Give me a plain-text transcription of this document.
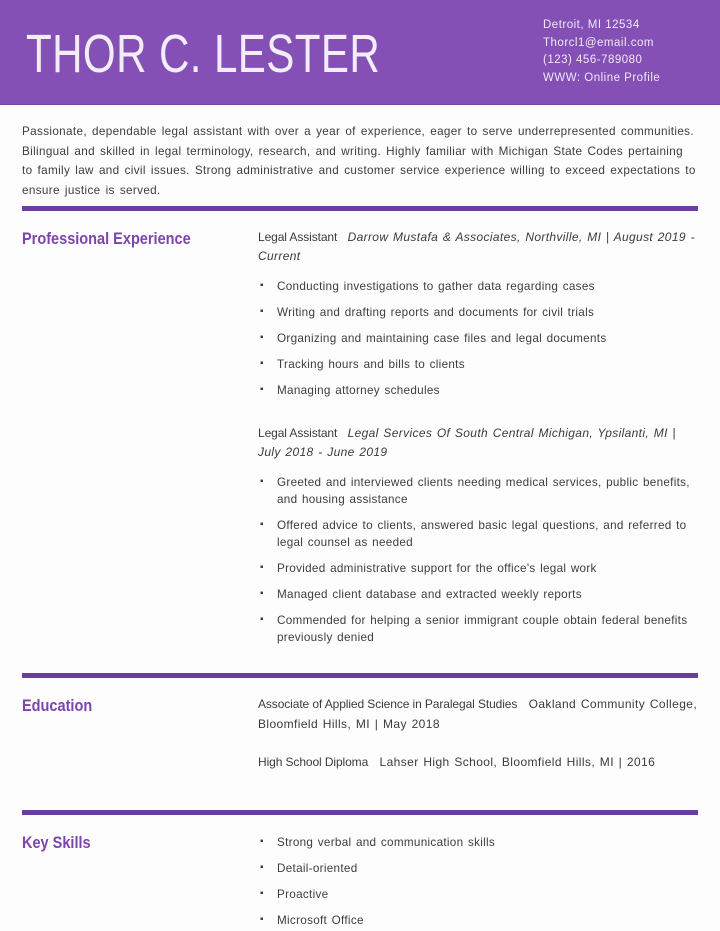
THOR C. LESTER	Detroit, MI 12534
Thorcl1@email.com
(123) 456-789080
WWW: Online Profile

Passionate, dependable legal assistant with over a year of experience, eager to serve underrepresented communities. Bilingual and skilled in legal terminology, research, and writing. Highly familiar with Michigan State Codes pertaining to family law and civil issues. Strong administrative and customer service experience willing to exceed expectations to ensure justice is served.

Professional Experience	Legal Assistant Darrow Mustafa & Associates, Northville, MI | August 2019 - Current

▪ Conducting investigations to gather data regarding cases
▪ Writing and drafting reports and documents for civil trials
▪ Organizing and maintaining case files and legal documents
▪ Tracking hours and bills to clients
▪ Managing attorney schedules

Legal Assistant Legal Services Of South Central Michigan, Ypsilanti, MI | July 2018 - June 2019

▪ Greeted and interviewed clients needing medical services, public benefits, and housing assistance
▪ Offered advice to clients, answered basic legal questions, and referred to legal counsel as needed
▪ Provided administrative support for the office's legal work
▪ Managed client database and extracted weekly reports
▪ Commended for helping a senior immigrant couple obtain federal benefits previously denied
Education	Associate of Applied Science in Paralegal Studies Oakland Community College, Bloomfield Hills, MI | May 2018

High School Diploma Lahser High School, Bloomfield Hills, MI | 2016

Key Skills	▪ Strong verbal and communication skills
▪ Detail-oriented
▪ Proactive
▪ Microsoft Office
